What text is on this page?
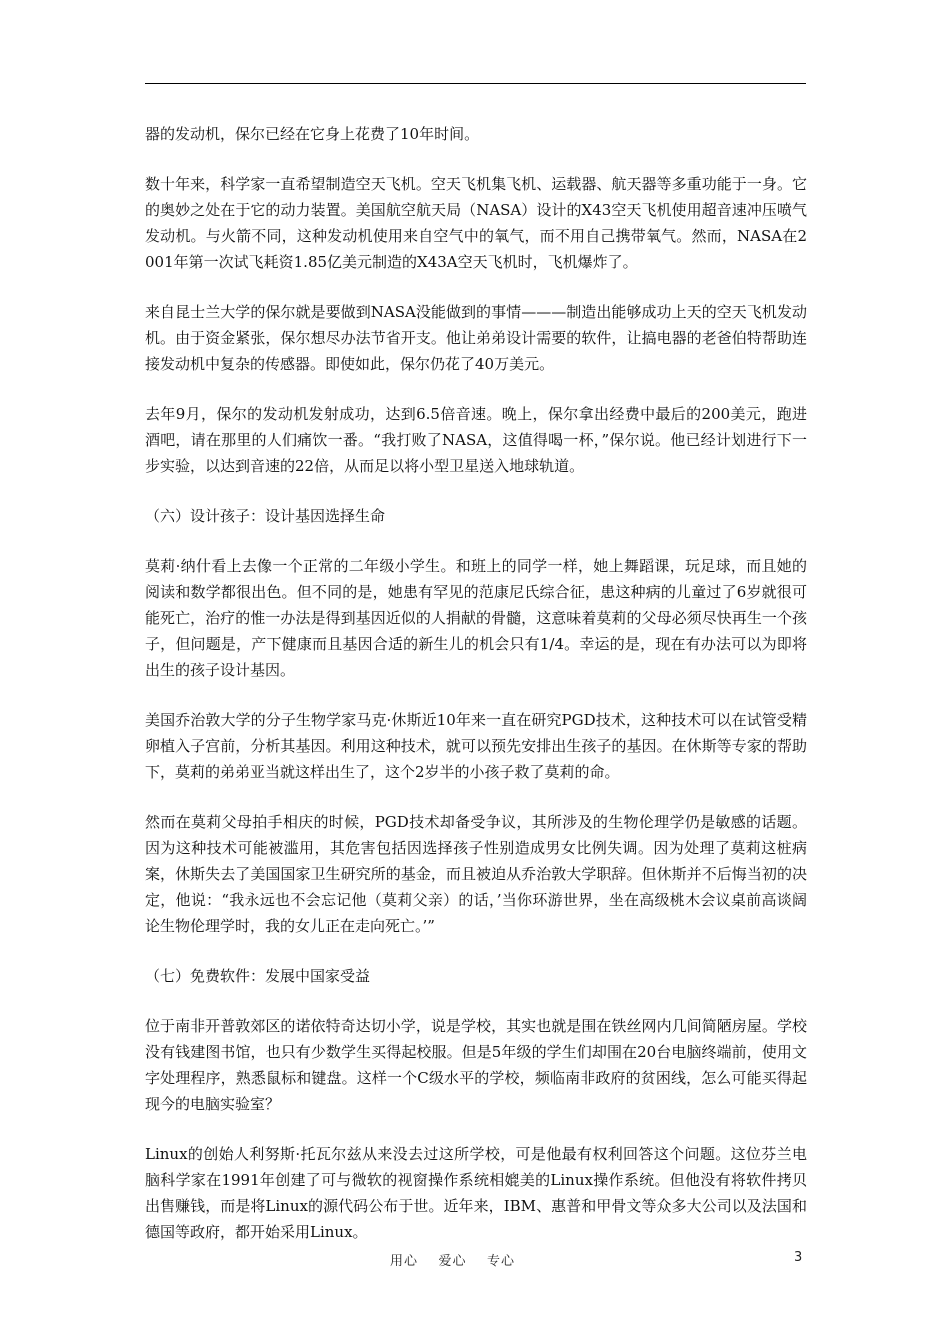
器的发动机，保尔已经在它身上花费了10年时间。

数十年来，科学家一直希望制造空天飞机。空天飞机集飞机、运载器、航天器等多重功能于一身。它的奥妙之处在于它的动力装置。美国航空航天局（NASA）设计的X43空天飞机使用超音速冲压喷气发动机。与火箭不同，这种发动机使用来自空气中的氧气，而不用自己携带氧气。然而，NASA在2001年第一次试飞耗资1.85亿美元制造的X43A空天飞机时，飞机爆炸了。

来自昆士兰大学的保尔就是要做到NASA没能做到的事情———制造出能够成功上天的空天飞机发动机。由于资金紧张，保尔想尽办法节省开支。他让弟弟设计需要的软件，让搞电器的老爸伯特帮助连接发动机中复杂的传感器。即使如此，保尔仍花了40万美元。

去年9月，保尔的发动机发射成功，达到6.5倍音速。晚上，保尔拿出经费中最后的200美元，跑进酒吧，请在那里的人们痛饮一番。“我打败了NASA，这值得喝一杯，”保尔说。他已经计划进行下一步实验，以达到音速的22倍，从而足以将小型卫星送入地球轨道。

（六）设计孩子：设计基因选择生命

莫莉·纳什看上去像一个正常的二年级小学生。和班上的同学一样，她上舞蹈课，玩足球，而且她的阅读和数学都很出色。但不同的是，她患有罕见的范康尼氏综合征，患这种病的儿童过了6岁就很可能死亡，治疗的惟一办法是得到基因近似的人捐献的骨髓，这意味着莫莉的父母必须尽快再生一个孩子，但问题是，产下健康而且基因合适的新生儿的机会只有1/4。幸运的是，现在有办法可以为即将出生的孩子设计基因。

美国乔治敦大学的分子生物学家马克·休斯近10年来一直在研究PGD技术，这种技术可以在试管受精卵植入子宫前，分析其基因。利用这种技术，就可以预先安排出生孩子的基因。在休斯等专家的帮助下，莫莉的弟弟亚当就这样出生了，这个2岁半的小孩子救了莫莉的命。

然而在莫莉父母拍手相庆的时候，PGD技术却备受争议，其所涉及的生物伦理学仍是敏感的话题。因为这种技术可能被滥用，其危害包括因选择孩子性别造成男女比例失调。因为处理了莫莉这桩病案，休斯失去了美国国家卫生研究所的基金，而且被迫从乔治敦大学职辞。但休斯并不后悔当初的决定，他说：“我永远也不会忘记他（莫莉父亲）的话，’当你环游世界，坐在高级桃木会议桌前高谈阔论生物伦理学时，我的女儿正在走向死亡。’”

（七）免费软件：发展中国家受益

位于南非开普敦郊区的诺依特奇达切小学，说是学校，其实也就是围在铁丝网内几间简陋房屋。学校没有钱建图书馆，也只有少数学生买得起校服。但是5年级的学生们却围在20台电脑终端前，使用文字处理程序，熟悉鼠标和键盘。这样一个C级水平的学校，频临南非政府的贫困线，怎么可能买得起现今的电脑实验室？

Linux的创始人利努斯·托瓦尔兹从来没去过这所学校，可是他最有权利回答这个问题。这位芬兰电脑科学家在1991年创建了可与微软的视窗操作系统相媲美的Linux操作系统。但他没有将软件拷贝出售赚钱，而是将Linux的源代码公布于世。近年来，IBM、惠普和甲骨文等众多大公司以及法国和德国等政府，都开始采用Linux。

用心    爱心    专心	3
